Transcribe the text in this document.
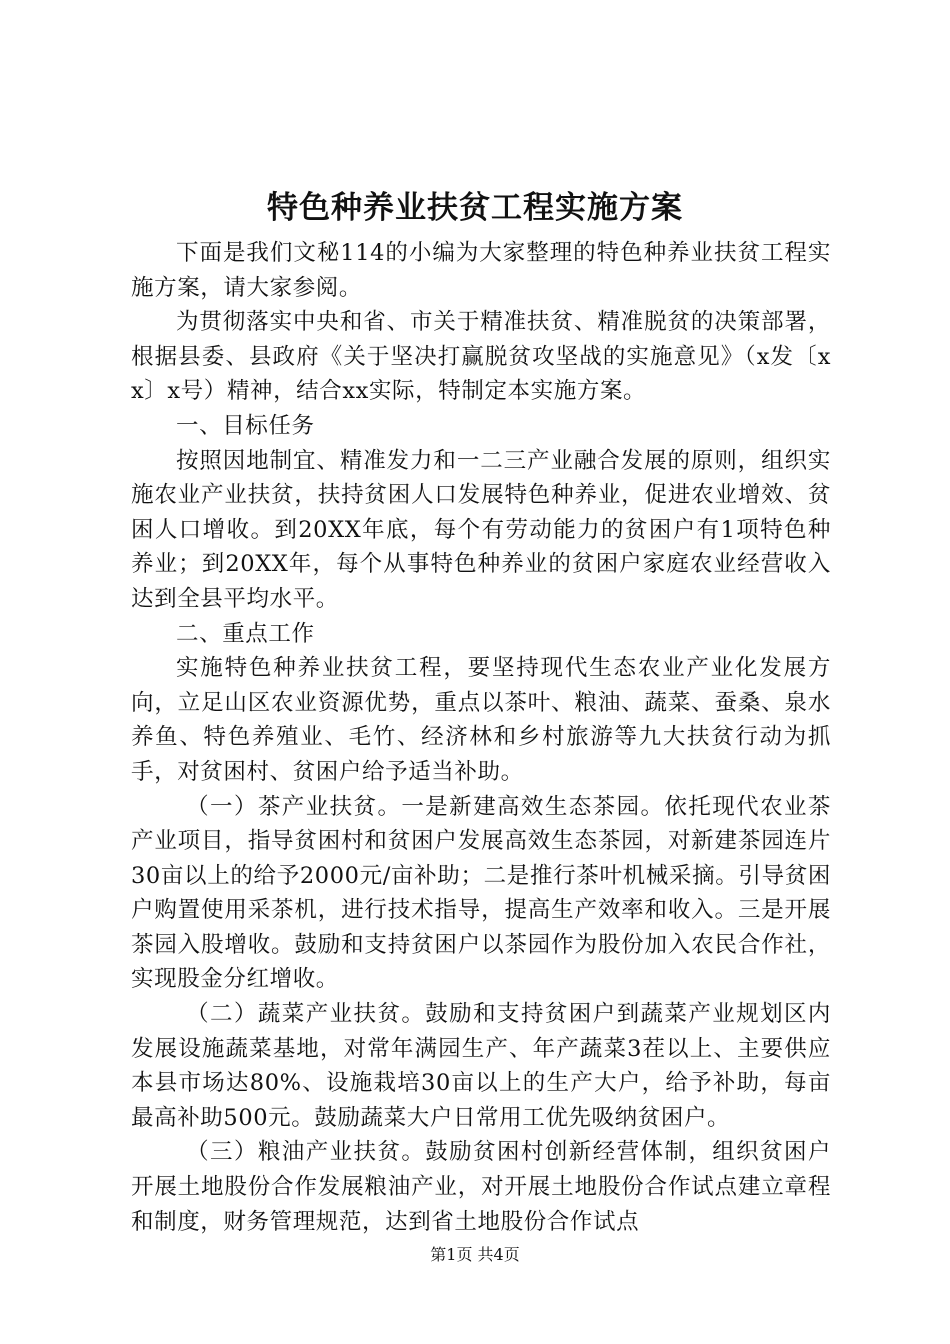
特色种养业扶贫工程实施方案

下面是我们文秘114的小编为大家整理的特色种养业扶贫工程实施方案，请大家参阅。

为贯彻落实中央和省、市关于精准扶贫、精准脱贫的决策部署，根据县委、县政府《关于坚决打赢脱贫攻坚战的实施意见》（x发〔xx〕x号）精神，结合xx实际，特制定本实施方案。

一、目标任务

按照因地制宜、精准发力和一二三产业融合发展的原则，组织实施农业产业扶贫，扶持贫困人口发展特色种养业，促进农业增效、贫困人口增收。到20XX年底，每个有劳动能力的贫困户有1项特色种养业；到20XX年，每个从事特色种养业的贫困户家庭农业经营收入达到全县平均水平。

二、重点工作

实施特色种养业扶贫工程，要坚持现代生态农业产业化发展方向，立足山区农业资源优势，重点以茶叶、粮油、蔬菜、蚕桑、泉水养鱼、特色养殖业、毛竹、经济林和乡村旅游等九大扶贫行动为抓手，对贫困村、贫困户给予适当补助。

（一）茶产业扶贫。一是新建高效生态茶园。依托现代农业茶产业项目，指导贫困村和贫困户发展高效生态茶园，对新建茶园连片30亩以上的给予2000元/亩补助；二是推行茶叶机械采摘。引导贫困户购置使用采茶机，进行技术指导，提高生产效率和收入。三是开展茶园入股增收。鼓励和支持贫困户以茶园作为股份加入农民合作社，实现股金分红增收。

（二）蔬菜产业扶贫。鼓励和支持贫困户到蔬菜产业规划区内发展设施蔬菜基地，对常年满园生产、年产蔬菜3茬以上、主要供应本县市场达80%、设施栽培30亩以上的生产大户，给予补助，每亩最高补助500元。鼓励蔬菜大户日常用工优先吸纳贫困户。

（三）粮油产业扶贫。鼓励贫困村创新经营体制，组织贫困户开展土地股份合作发展粮油产业，对开展土地股份合作试点建立章程和制度，财务管理规范，达到省土地股份合作试点

第1页 共4页
